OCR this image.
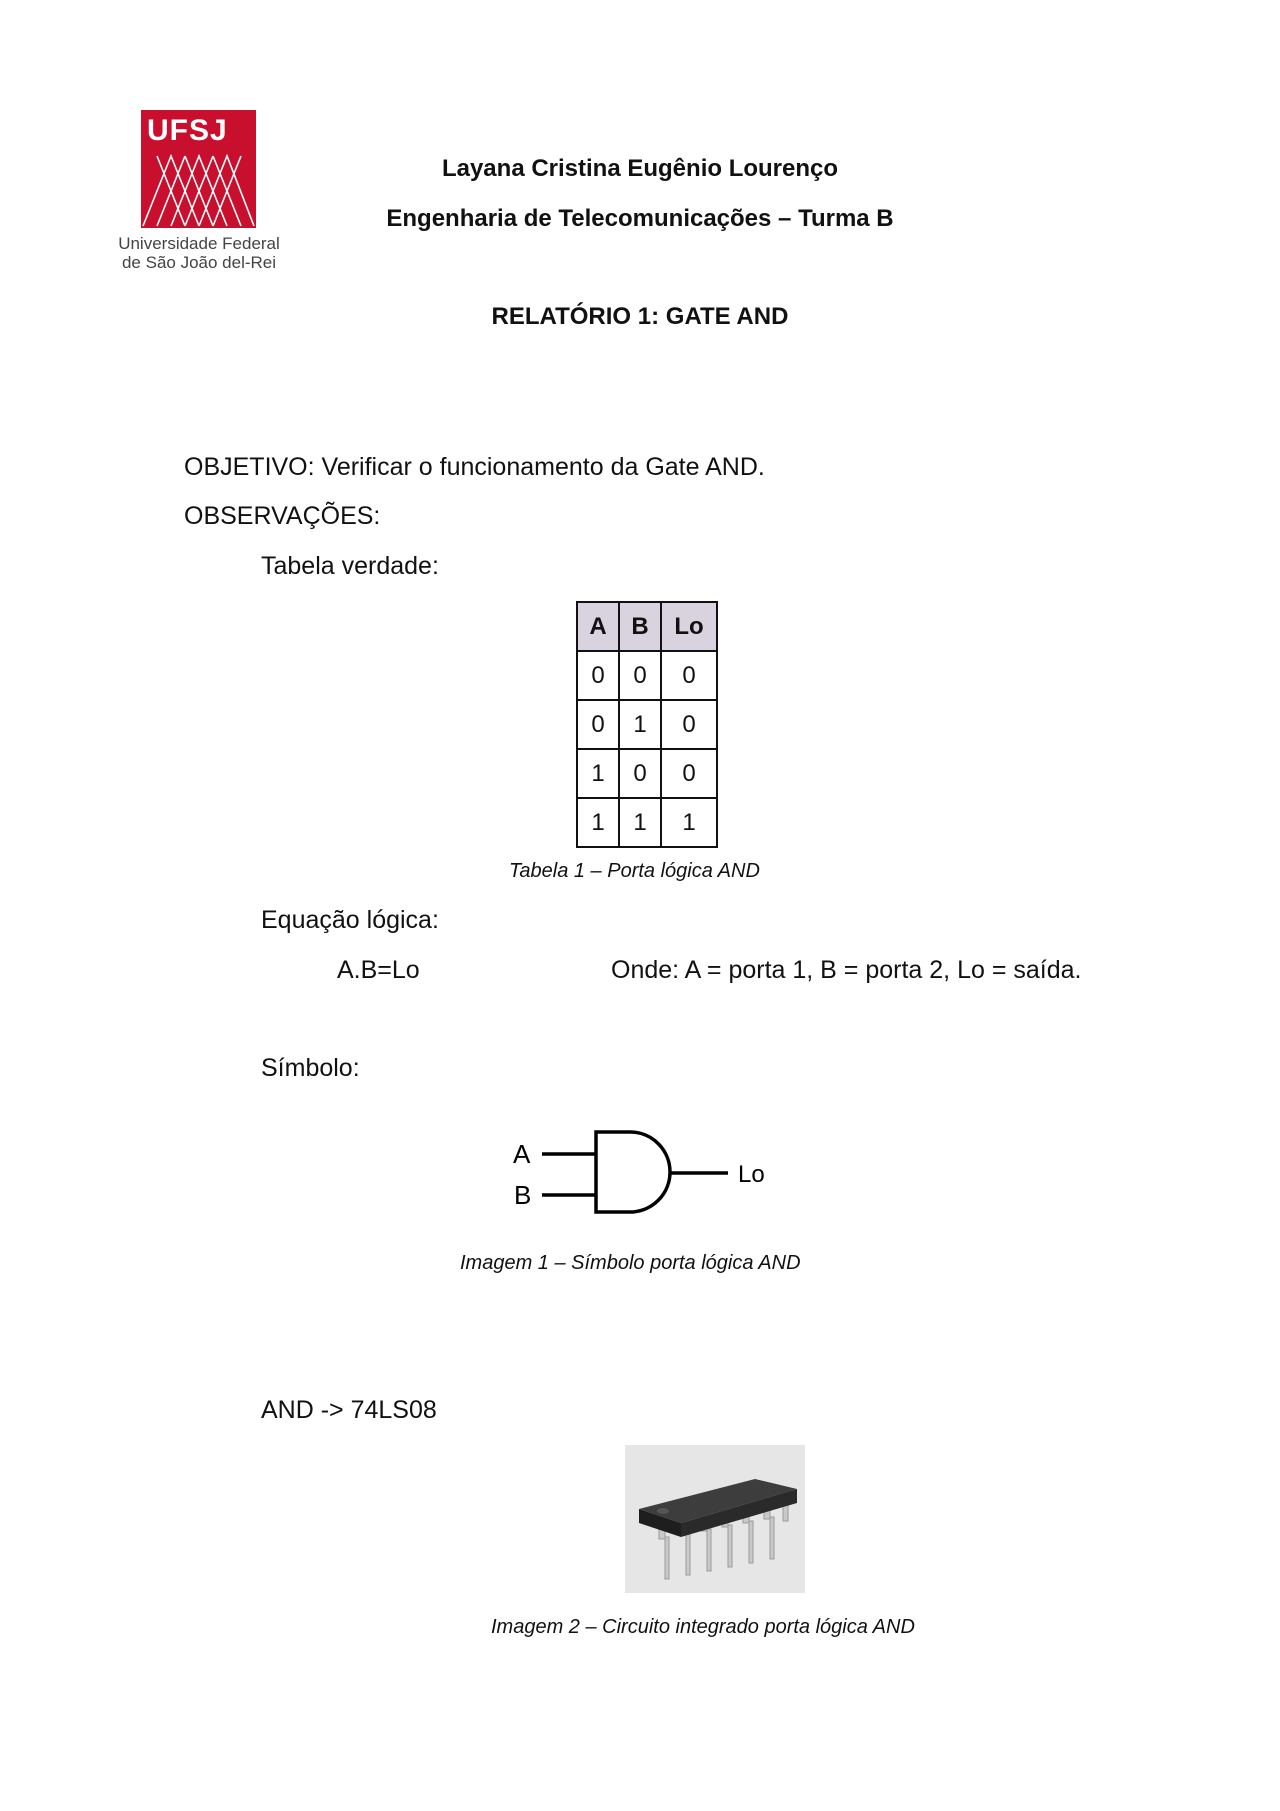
UFSJ
Universidade Federal
de São João del-Rei
Layana Cristina Eugênio Lourenço
Engenharia de Telecomunicações – Turma B
RELATÓRIO 1: GATE AND
OBJETIVO: Verificar o funcionamento da Gate AND.
OBSERVAÇÕES:
Tabela verdade:
A	B	Lo
0	0	0
0	1	0
1	0	0
1	1	1
Tabela 1 – Porta lógica AND
Equação lógica:
A.B=Lo	Onde: A = porta 1, B = porta 2, Lo = saída.
Símbolo:
A
B
Lo
Imagem 1 – Símbolo porta lógica AND
AND -> 74LS08
Imagem 2 – Circuito integrado porta lógica AND
